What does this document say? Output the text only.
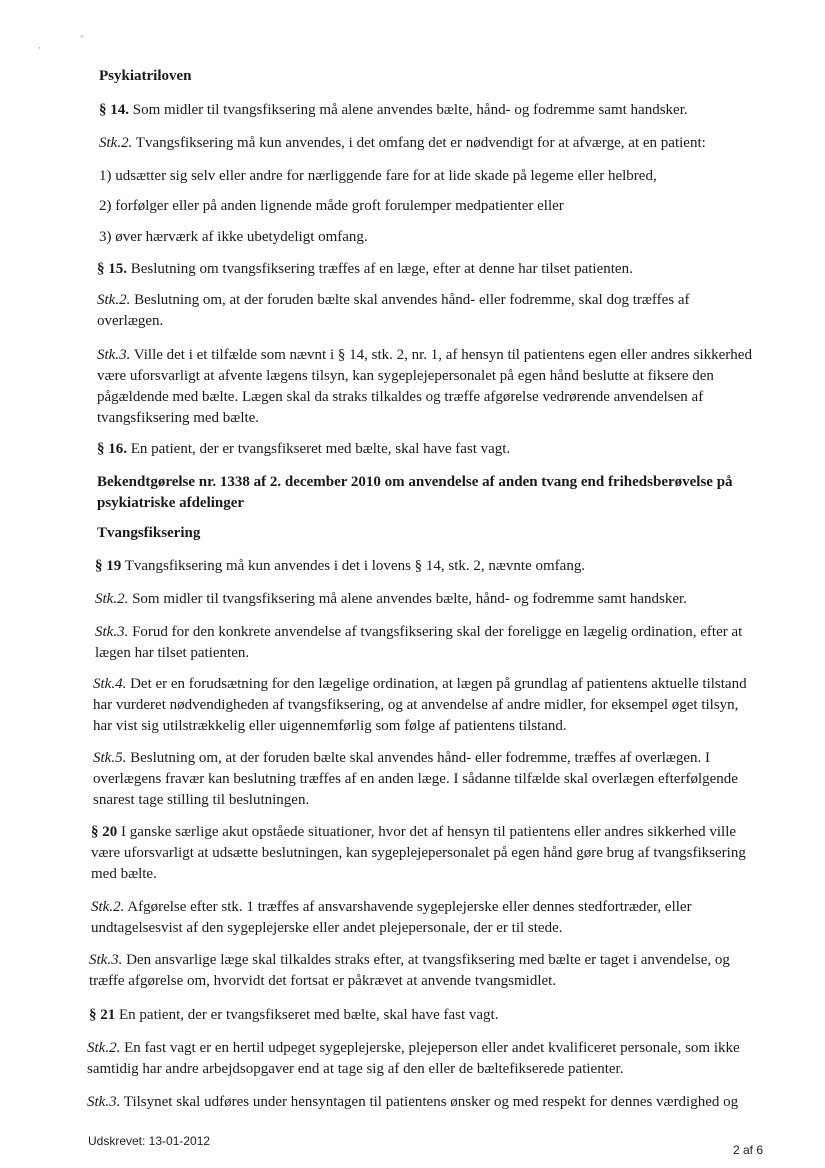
‚
"
Psykiatriloven
§ 14. Som midler til tvangsfiksering må alene anvendes bælte, hånd- og fodremme samt handsker.
Stk.2. Tvangsfiksering må kun anvendes, i det omfang det er nødvendigt for at afværge, at en patient:
1) udsætter sig selv eller andre for nærliggende fare for at lide skade på legeme eller helbred,
2) forfølger eller på anden lignende måde groft forulemper medpatienter eller
3) øver hærværk af ikke ubetydeligt omfang.
§ 15. Beslutning om tvangsfiksering træffes af en læge, efter at denne har tilset patienten.
Stk.2. Beslutning om, at der foruden bælte skal anvendes hånd- eller fodremme, skal dog træffes af
overlægen.
Stk.3. Ville det i et tilfælde som nævnt i § 14, stk. 2, nr. 1, af hensyn til patientens egen eller andres sikkerhed
være uforsvarligt at afvente lægens tilsyn, kan sygeplejepersonalet på egen hånd beslutte at fiksere den
pågældende med bælte. Lægen skal da straks tilkaldes og træffe afgørelse vedrørende anvendelsen af
tvangsfiksering med bælte.
§ 16. En patient, der er tvangsfikseret med bælte, skal have fast vagt.
Bekendtgørelse nr. 1338 af 2. december 2010 om anvendelse af anden tvang end frihedsberøvelse på
psykiatriske afdelinger
Tvangsfiksering
§ 19 Tvangsfiksering må kun anvendes i det i lovens § 14, stk. 2, nævnte omfang.
Stk.2. Som midler til tvangsfiksering må alene anvendes bælte, hånd- og fodremme samt handsker.
Stk.3. Forud for den konkrete anvendelse af tvangsfiksering skal der foreligge en lægelig ordination, efter at
lægen har tilset patienten.
Stk.4. Det er en forudsætning for den lægelige ordination, at lægen på grundlag af patientens aktuelle tilstand
har vurderet nødvendigheden af tvangsfiksering, og at anvendelse af andre midler, for eksempel øget tilsyn,
har vist sig utilstrækkelig eller uigennemførlig som følge af patientens tilstand.
Stk.5. Beslutning om, at der foruden bælte skal anvendes hånd- eller fodremme, træffes af overlægen. I
overlægens fravær kan beslutning træffes af en anden læge. I sådanne tilfælde skal overlægen efterfølgende
snarest tage stilling til beslutningen.
§ 20 I ganske særlige akut opståede situationer, hvor det af hensyn til patientens eller andres sikkerhed ville
være uforsvarligt at udsætte beslutningen, kan sygeplejepersonalet på egen hånd gøre brug af tvangsfiksering
med bælte.
Stk.2. Afgørelse efter stk. 1 træffes af ansvarshavende sygeplejerske eller dennes stedfortræder, eller
undtagelsesvist af den sygeplejerske eller andet plejepersonale, der er til stede.
Stk.3. Den ansvarlige læge skal tilkaldes straks efter, at tvangsfiksering med bælte er taget i anvendelse, og
træffe afgørelse om, hvorvidt det fortsat er påkrævet at anvende tvangsmidlet.
§ 21 En patient, der er tvangsfikseret med bælte, skal have fast vagt.
Stk.2. En fast vagt er en hertil udpeget sygeplejerske, plejeperson eller andet kvalificeret personale, som ikke
samtidig har andre arbejdsopgaver end at tage sig af den eller de bæltefikserede patienter.
Stk.3. Tilsynet skal udføres under hensyntagen til patientens ønsker og med respekt for dennes værdighed og
Udskrevet: 13-01-2012
2 af 6
